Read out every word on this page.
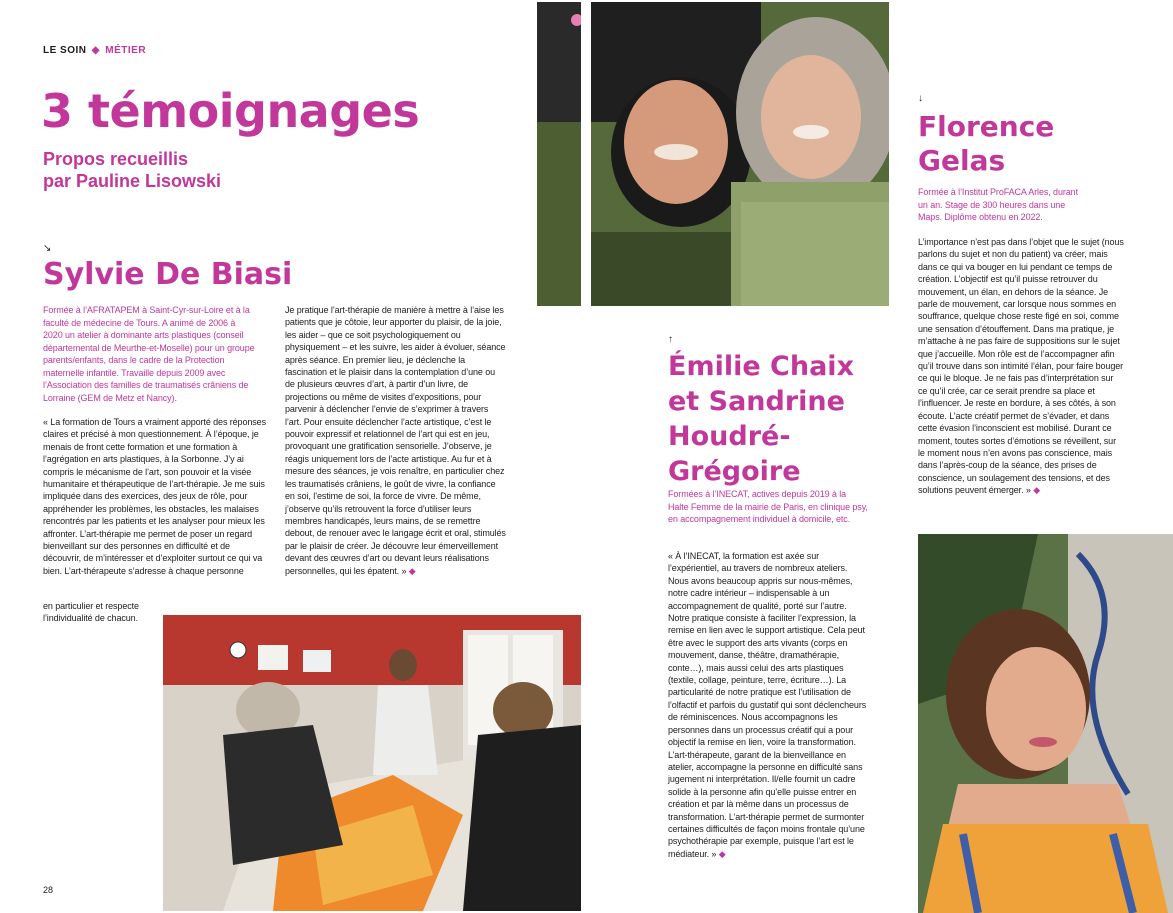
LE SOIN ◆ MÉTIER
3 témoignages
Propos recueillis
par Pauline Lisowski
↘
Sylvie De Biasi
Formée à l’AFRATAPEM à Saint-Cyr-sur-Loire et à la faculté de médecine de Tours. A animé de 2006 à 2020 un atelier à dominante arts plastiques (conseil départemental de Meurthe-et-Moselle) pour un groupe parents/enfants, dans le cadre de la Protection maternelle infantile. Travaille depuis 2009 avec l’Association des familles de traumatisés crâniens de Lorraine (GEM de Metz et Nancy).
« La formation de Tours a vraiment apporté des réponses claires et précisé à mon questionnement. À l’époque, je menais de front cette formation et une formation à l’agrégation en arts plastiques, à la Sorbonne. J’y ai compris le mécanisme de l’art, son pouvoir et la visée humanitaire et thérapeutique de l’art-thérapie. Je me suis impliquée dans des exercices, des jeux de rôle, pour appréhender les problèmes, les obstacles, les malaises rencontrés par les patients et les analyser pour mieux les affronter. L’art-thérapie me permet de poser un regard bienveillant sur des personnes en difficulté et de découvrir, de m’intéresser et d’exploiter surtout ce qui va bien. L’art-thérapeute s’adresse à chaque personne
en particulier et respecte l’individualité de chacun.
Je pratique l’art-thérapie de manière à mettre à l’aise les patients que je côtoie, leur apporter du plaisir, de la joie, les aider – que ce soit psychologiquement ou physiquement – et les suivre, les aider à évoluer, séance après séance. En premier lieu, je déclenche la fascination et le plaisir dans la contemplation d’une ou de plusieurs œuvres d’art, à partir d’un livre, de projections ou même de visites d’expositions, pour parvenir à déclencher l’envie de s’exprimer à travers l’art. Pour ensuite déclencher l’acte artistique, c’est le pouvoir expressif et relationnel de l’art qui est en jeu, provoquant une gratification sensorielle. J’observe, je réagis uniquement lors de l’acte artistique. Au fur et à mesure des séances, je vois renaître, en particulier chez les traumatisés crâniens, le goût de vivre, la confiance en soi, l’estime de soi, la force de vivre. De même, j’observe qu’ils retrouvent la force d’utiliser leurs membres handicapés, leurs mains, de se remettre debout, de renouer avec le langage écrit et oral, stimulés par le plaisir de créer. Je découvre leur émerveillement devant des œuvres d’art ou devant leurs réalisations personnelles, qui les épatent. » ◆
↑
Émilie Chaix
et Sandrine
Houdré-
Grégoire
Formées à l’INECAT, actives depuis 2019 à la Halte Femme de la mairie de Paris, en clinique psy, en accompagnement individuel à domicile, etc.
« À l’INECAT, la formation est axée sur l’expérientiel, au travers de nombreux ateliers. Nous avons beaucoup appris sur nous-mêmes, notre cadre intérieur – indispensable à un accompagnement de qualité, porté sur l’autre. Notre pratique consiste à faciliter l’expression, la remise en lien avec le support artistique. Cela peut être avec le support des arts vivants (corps en mouvement, danse, théâtre, dramathérapie, conte…), mais aussi celui des arts plastiques (textile, collage, peinture, terre, écriture…). La particularité de notre pratique est l’utilisation de l’olfactif et parfois du gustatif qui sont déclencheurs de réminiscences. Nous accompagnons les personnes dans un processus créatif qui a pour objectif la remise en lien, voire la transformation. L’art-thérapeute, garant de la bienveillance en atelier, accompagne la personne en difficulté sans jugement ni interprétation. Il/elle fournit un cadre solide à la personne afin qu’elle puisse entrer en création et par là même dans un processus de transformation. L’art-thérapie permet de surmonter certaines difficultés de façon moins frontale qu’une psychothérapie par exemple, puisque l’art est le médiateur. » ◆
↓
Florence
Gelas
Formée à l’Institut ProFACA Arles, durant un an. Stage de 300 heures dans une Maps. Diplôme obtenu en 2022.
L’importance n’est pas dans l’objet que le sujet (nous parlons du sujet et non du patient) va créer, mais dans ce qui va bouger en lui pendant ce temps de création. L’objectif est qu’il puisse retrouver du mouvement, un élan, en dehors de la séance. Je parle de mouvement, car lorsque nous sommes en souffrance, quelque chose reste figé en soi, comme une sensation d’étouffement. Dans ma pratique, je m’attache à ne pas faire de suppositions sur le sujet que j’accueille. Mon rôle est de l’accompagner afin qu’il trouve dans son intimité l’élan, pour faire bouger ce qui le bloque. Je ne fais pas d’interprétation sur ce qu’il crée, car ce serait prendre sa place et l’influencer. Je reste en bordure, à ses côtés, à son écoute. L’acte créatif permet de s’évader, et dans cette évasion l’inconscient est mobilisé. Durant ce moment, toutes sortes d’émotions se réveillent, sur le moment nous n’en avons pas conscience, mais dans l’après-coup de la séance, des prises de conscience, un soulagement des tensions, et des solutions peuvent émerger. » ◆
28
